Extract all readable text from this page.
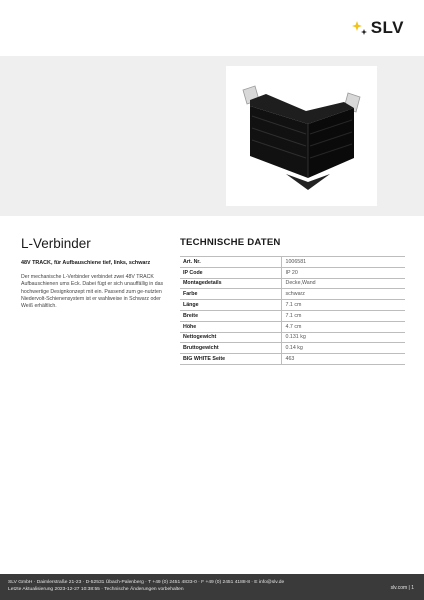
SLV
L-Verbinder
48V TRACK, für Aufbauschiene tief, links, schwarz

Der mechanische L-Verbinder verbindet zwei 48V TRACK Aufbauschienen ums Eck. Dabei fügt er sich unauffällig in das hochwertige Designkonzept mit ein. Passend zum ge-nutzten Niedervolt-Schienensystem ist er wahlweise in Schwarz oder Weiß erhältlich.

TECHNISCHE DATEN
Art. Nr.	1006581
IP Code	IP 20
Montagedetails	Decke,Wand
Farbe	schwarz
Länge	7.1 cm
Breite	7.1 cm
Höhe	4.7 cm
Nettogewicht	0.131 kg
Bruttogewicht	0.14 kg
BIG WHITE Seite	463
SLV GmbH · Daimlerstraße 21-23 · D-52531 Übach-Palenberg · T +49 (0) 2451 4833-0 · F +49 (0) 2451 4188-8 · E info@slv.de
Letzte Aktualisierung 2023-12-27 10:38:55 · Technische Änderungen vorbehalten	slv.com | 1
